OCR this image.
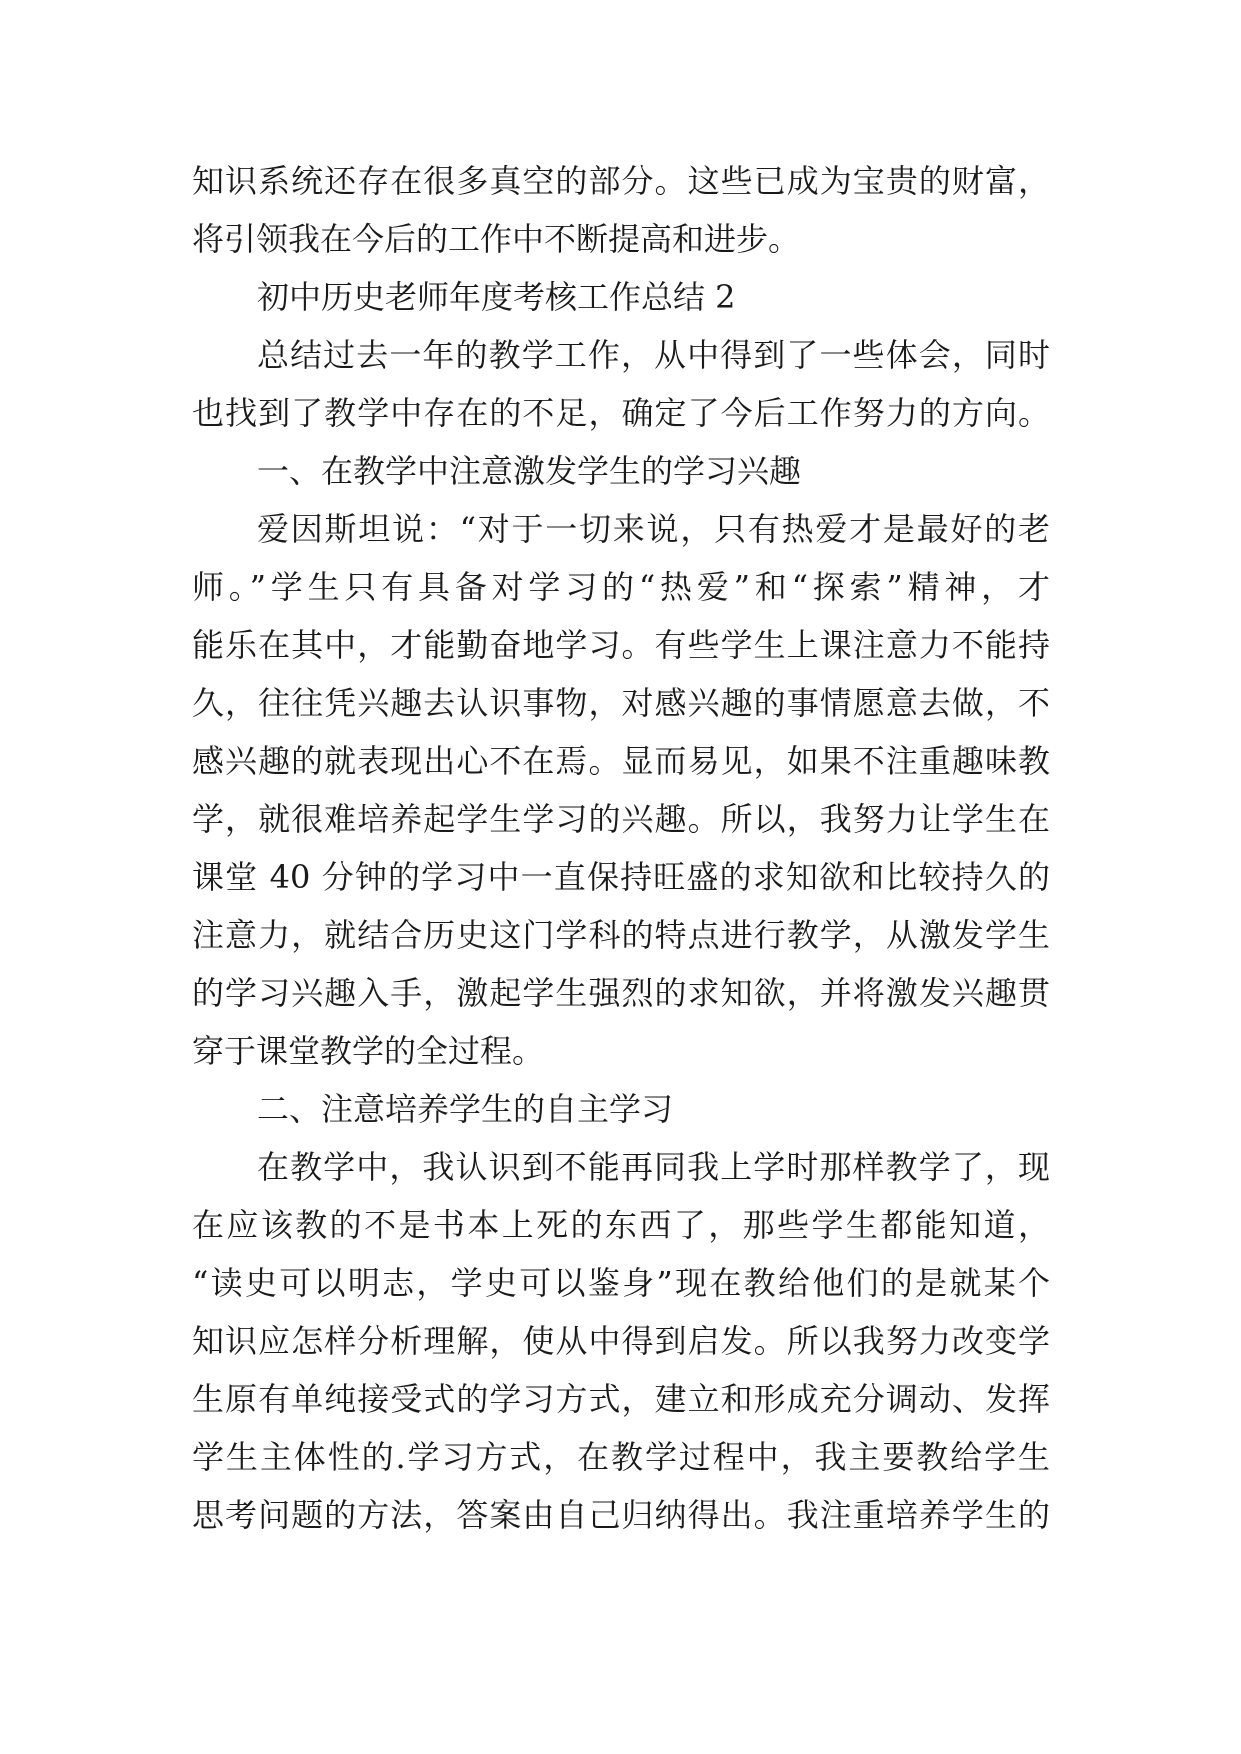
知识系统还存在很多真空的部分。这些已成为宝贵的财富，
将引领我在今后的工作中不断提高和进步。
初中历史老师年度考核工作总结 2
总结过去一年的教学工作，从中得到了一些体会，同时
也找到了教学中存在的不足，确定了今后工作努力的方向。
一、在教学中注意激发学生的学习兴趣
爱因斯坦说：“对于一切来说，只有热爱才是最好的老
师。”学生只有具备对学习的“热爱”和“探索”精神，才
能乐在其中，才能勤奋地学习。有些学生上课注意力不能持
久，往往凭兴趣去认识事物，对感兴趣的事情愿意去做，不
感兴趣的就表现出心不在焉。显而易见，如果不注重趣味教
学，就很难培养起学生学习的兴趣。所以，我努力让学生在
课堂 40 分钟的学习中一直保持旺盛的求知欲和比较持久的
注意力，就结合历史这门学科的特点进行教学，从激发学生
的学习兴趣入手，激起学生强烈的求知欲，并将激发兴趣贯
穿于课堂教学的全过程。
二、注意培养学生的自主学习
在教学中，我认识到不能再同我上学时那样教学了，现
在应该教的不是书本上死的东西了，那些学生都能知道，
“读史可以明志，学史可以鉴身”现在教给他们的是就某个
知识应怎样分析理解，使从中得到启发。所以我努力改变学
生原有单纯接受式的学习方式，建立和形成充分调动、发挥
学生主体性的.学习方式，在教学过程中，我主要教给学生
思考问题的方法，答案由自己归纳得出。我注重培养学生的
